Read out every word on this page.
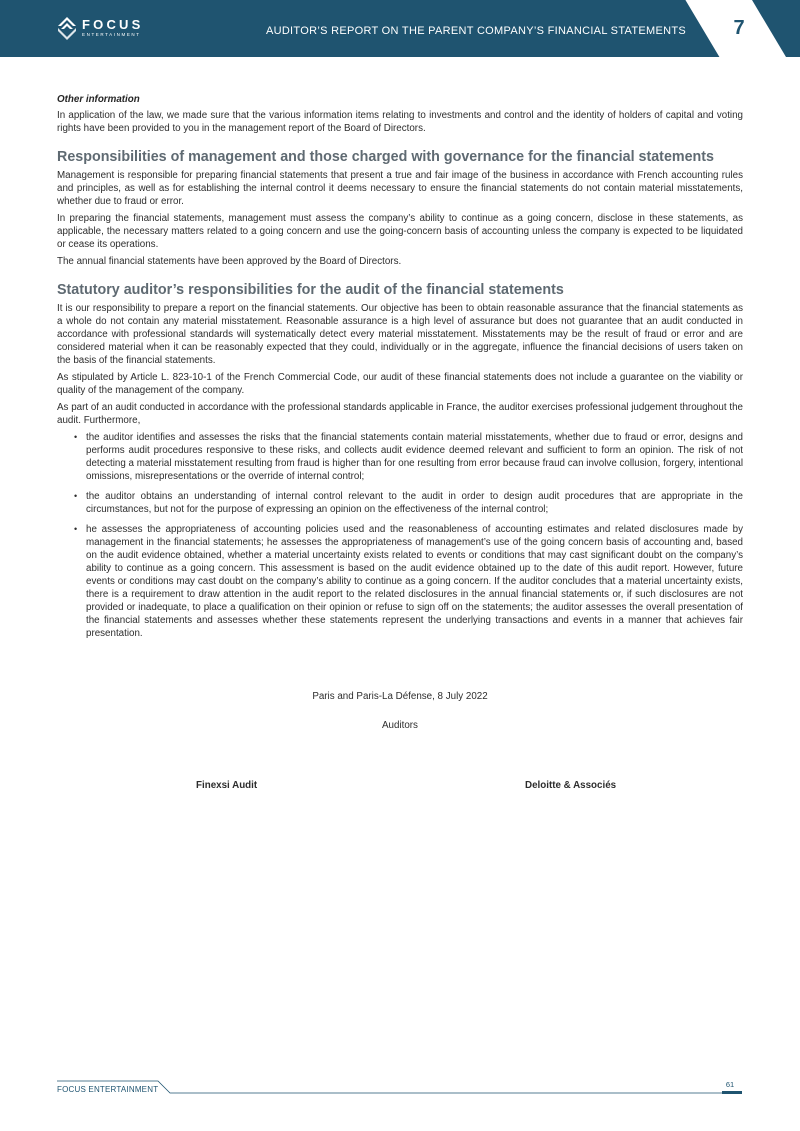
FOCUS
ENTERTAINMENT	AUDITOR’S REPORT ON THE PARENT COMPANY’S FINANCIAL STATEMENTS	7
Other information

In application of the law, we made sure that the various information items relating to investments and control and the identity of holders of capital and voting rights have been provided to you in the management report of the Board of Directors.

Responsibilities of management and those charged with governance for the financial statements

Management is responsible for preparing financial statements that present a true and fair image of the business in accordance with French accounting rules and principles, as well as for establishing the internal control it deems necessary to ensure the financial statements do not contain material misstatements, whether due to fraud or error.

In preparing the financial statements, management must assess the company’s ability to continue as a going concern, disclose in these statements, as applicable, the necessary matters related to a going concern and use the going-concern basis of accounting unless the company is expected to be liquidated or cease its operations.

The annual financial statements have been approved by the Board of Directors.

Statutory auditor’s responsibilities for the audit of the financial statements

It is our responsibility to prepare a report on the financial statements. Our objective has been to obtain reasonable assurance that the financial statements as a whole do not contain any material misstatement. Reasonable assurance is a high level of assurance but does not guarantee that an audit conducted in accordance with professional standards will systematically detect every material misstatement. Misstatements may be the result of fraud or error and are considered material when it can be reasonably expected that they could, individually or in the aggregate, influence the financial decisions of users taken on the basis of the financial statements.

As stipulated by Article L. 823-10-1 of the French Commercial Code, our audit of these financial statements does not include a guarantee on the viability or quality of the management of the company.

As part of an audit conducted in accordance with the professional standards applicable in France, the auditor exercises professional judgement throughout the audit. Furthermore,

• the auditor identifies and assesses the risks that the financial statements contain material misstatements, whether due to fraud or error, designs and performs audit procedures responsive to these risks, and collects audit evidence deemed relevant and sufficient to form an opinion. The risk of not detecting a material misstatement resulting from fraud is higher than for one resulting from error because fraud can involve collusion, forgery, intentional omissions, misrepresentations or the override of internal control;
• the auditor obtains an understanding of internal control relevant to the audit in order to design audit procedures that are appropriate in the circumstances, but not for the purpose of expressing an opinion on the effectiveness of the internal control;
• he assesses the appropriateness of accounting policies used and the reasonableness of accounting estimates and related disclosures made by management in the financial statements; he assesses the appropriateness of management’s use of the going concern basis of accounting and, based on the audit evidence obtained, whether a material uncertainty exists related to events or conditions that may cast significant doubt on the company’s ability to continue as a going concern. This assessment is based on the audit evidence obtained up to the date of this audit report. However, future events or conditions may cast doubt on the company’s ability to continue as a going concern. If the auditor concludes that a material uncertainty exists, there is a requirement to draw attention in the audit report to the related disclosures in the annual financial statements or, if such disclosures are not provided or inadequate, to place a qualification on their opinion or refuse to sign off on the statements; the auditor assesses the overall presentation of the financial statements and assesses whether these statements represent the underlying transactions and events in a manner that achieves fair presentation.
Paris and Paris-La Défense, 8 July 2022
Auditors
Finexsi Audit	Deloitte & Associés
FOCUS ENTERTAINMENT
61
